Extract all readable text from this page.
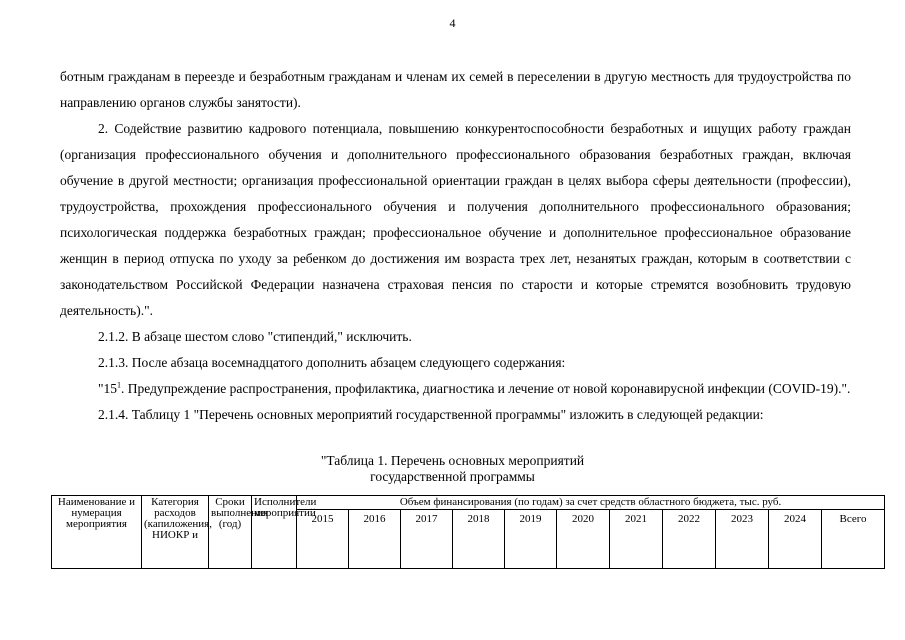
4

ботным гражданам в переезде и безработным гражданам и членам их семей в переселении в другую местность для трудоустройства по направлению органов службы занятости).

2. Содействие развитию кадрового потенциала, повышению конкурентоспособности безработных и ищущих работу граждан (организация профессионального обучения и дополнительного профессионального образования безработных граждан, включая обучение в другой местности; организация профессиональной ориентации граждан в целях выбора сферы деятельности (профессии), трудоустройства, прохождения профессионального обучения и получения дополнительного профессионального образования; психологическая поддержка безработных граждан; профессиональное обучение и дополнительное профессиональное образование женщин в период отпуска по уходу за ребенком до достижения им возраста трех лет, незанятых граждан, которым в соответствии с законодательством Российской Федерации назначена страховая пенсия по старости и которые стремятся возобновить трудовую деятельность).".

2.1.2. В абзаце шестом слово "стипендий," исключить.

2.1.3. После абзаца восемнадцатого дополнить абзацем следующего содержания:

"$15^1$. Предупреждение распространения, профилактика, диагностика и лечение от новой коронавирусной инфекции (COVID-19).".

2.1.4. Таблицу 1 "Перечень основных мероприятий государственной программы" изложить в следующей редакции:

"Таблица 1. Перечень основных мероприятий
государственной программы
Наименование и нумерация мероприятия	Категория расходов (капиложения, НИОКР и	Сроки выполнения (год)	Исполнители мероприятий	Объем финансирования (по годам) за счет средств областного бюджета, тыс. руб.										
				2015	2016	2017	2018	2019	2020	2021	2022	2023	2024	Всего
